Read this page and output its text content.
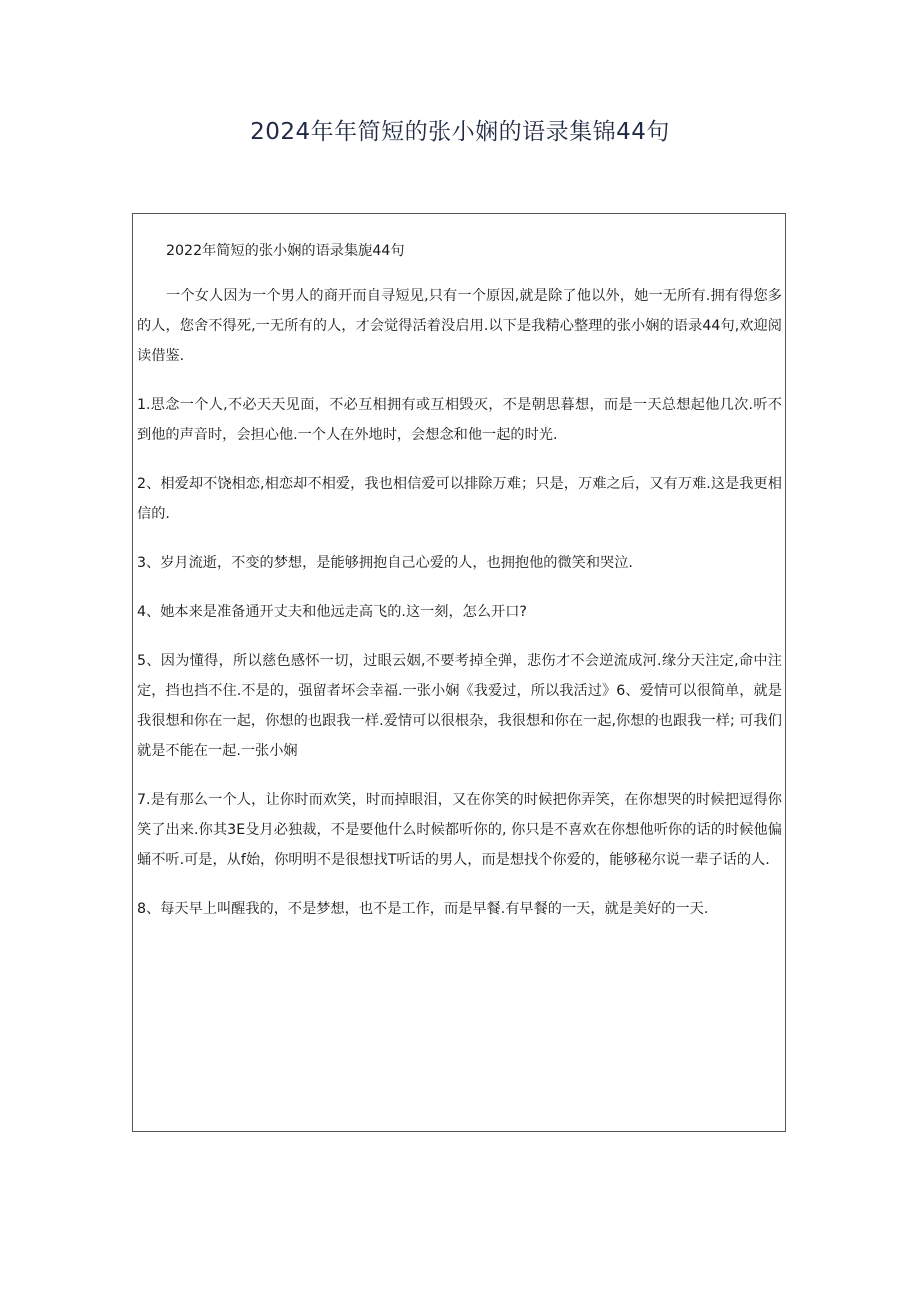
2024年年简短的张小娴的语录集锦44句

2022年简短的张小娴的语录集旎44句

一个女人因为一个男人的商开而自寻短见,只有一个原因,就是除了他以外，她一无所有.拥有得您多的人，您舍不得死,一无所有的人，才会觉得活着没启用.以下是我精心整理的张小娴的语录44句,欢迎阅读借鉴.

1.思念一个人,不必天天见面，不必互相拥有或互相毁灭，不是朝思暮想，而是一天总想起他几次.听不到他的声音时，会担心他.一个人在外地时，会想念和他一起的时光.

2、相爱却不饶相恋,相恋却不相爱，我也相信爱可以排除万难；只是，万难之后，又有万难.这是我更相信的.

3、岁月流逝，不变的梦想，是能够拥抱自己心爱的人，也拥抱他的微笑和哭泣.

4、她本来是准备通开丈夫和他远走高飞的.这一刻，怎么开口?

5、因为懂得，所以慈色感怀一切，过眼云姻,不要考掉全弹，悲伤才不会逆流成河.缘分天注定,命中注定，挡也挡不住.不是的，强留者坏会幸福.一张小娴《我爱过，所以我活过》6、爱情可以很简单，就是我很想和你在一起，你想的也跟我一样.爱情可以很根杂，我很想和你在一起,你想的也跟我一样; 可我们就是不能在一起.一张小娴

7.是有那么一个人，让你时而欢笑，时而掉眼泪，又在你笑的时候把你弄笑，在你想哭的时候把逗得你笑了出来.你其3E殳月必独裁，不是要他什么时候都听你的, 你只是不喜欢在你想他听你的话的时候他偏蛹不听.可是，从f始，你明明不是很想找T听话的男人，而是想找个你爱的，能够秘尔说一辈子话的人.

8、每天早上叫醒我的，不是梦想，也不是工作，而是早餐.有早餐的一天，就是美好的一天.
